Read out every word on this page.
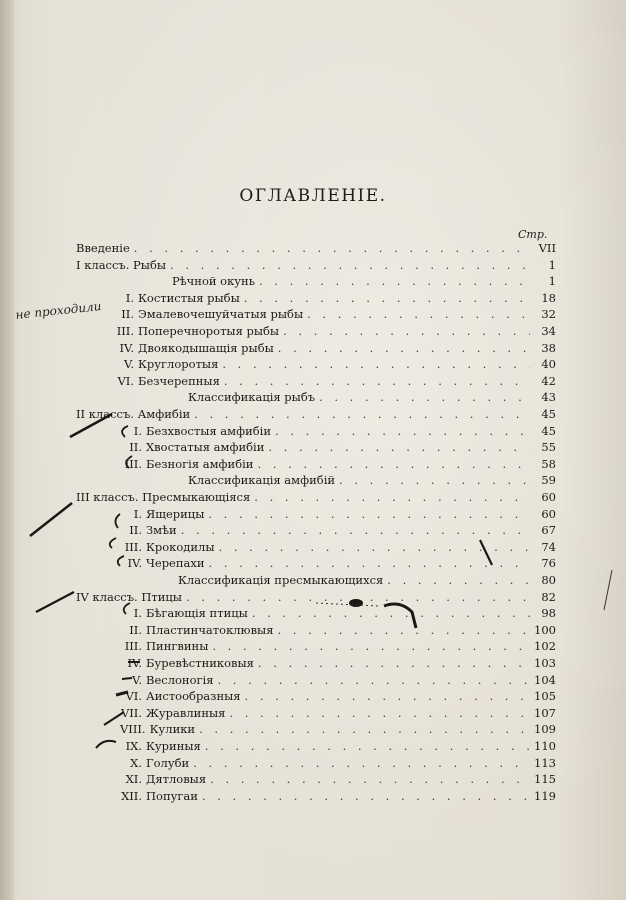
ОГЛАВЛЕНІЕ.
Стр.
Введеніе . . .	VII
I классъ. Рыбы . . .	1
Рѣчной окунь . . .	1
I. Костистыя рыбы . . .	18
II. Эмалевочешуйчатыя рыбы . . .	32
III. Поперечноротыя рыбы . . .	34
IV. Двоякодышащія рыбы . . .	38
V. Круглоротыя . . .	40
VI. Безчерепныя . . .	42
Классификація рыбъ . . .	43
II классъ. Амфибіи . . .	45
I. Безхвостыя амфибіи . . .	45
II. Хвостатыя амфибіи . . .	55
III. Безногія амфибіи . . .	58
Классификація амфибій . . .	59
III классъ. Пресмыкающіяся . . .	60
I. Ящерицы . . .	60
II. Змѣи . . .	67
III. Крокодилы . . .	74
IV. Черепахи . . .	76
Классификація пресмыкающихся . . .	80
IV классъ. Птицы . . .	82
I. Бѣгающія птицы . . .	98
II. Пластинчатоклювыя . . .	100
III. Пингвины . . .	102
IV. Буревѣстниковыя . . .	103
V. Веслоногія . . .	104
VI. Аистообразныя . . .	105
VII. Журавлиныя . . .	107
VIII. Кулики . . .	109
IX. Куриныя . . .	110
X. Голуби . . .	113
XI. Дятловыя . . .	115
XII. Попугаи . . .	119
не проходили
